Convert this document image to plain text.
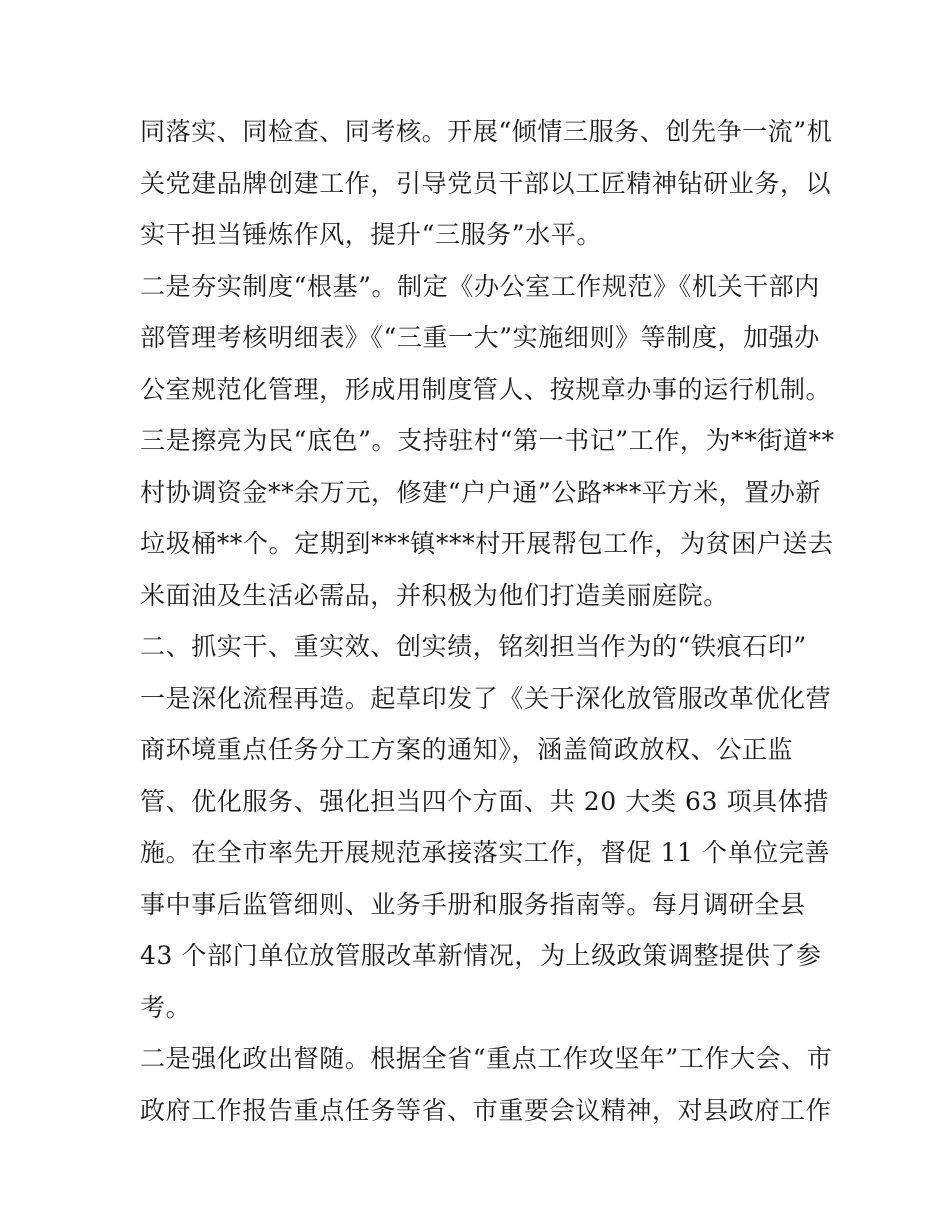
同落实、同检查、同考核。开展“倾情三服务、创先争一流”机
关党建品牌创建工作，引导党员干部以工匠精神钻研业务，以
实干担当锤炼作风，提升“三服务”水平。
二是夯实制度“根基”。制定《办公室工作规范》《机关干部内
部管理考核明细表》《“三重一大”实施细则》等制度，加强办
公室规范化管理，形成用制度管人、按规章办事的运行机制。
三是擦亮为民“底色”。支持驻村“第一书记”工作，为**街道**
村协调资金**余万元，修建“户户通”公路***平方米，置办新
垃圾桶**个。定期到***镇***村开展帮包工作，为贫困户送去
米面油及生活必需品，并积极为他们打造美丽庭院。
二、抓实干、重实效、创实绩，铭刻担当作为的“铁痕石印”
一是深化流程再造。起草印发了《关于深化放管服改革优化营
商环境重点任务分工方案的通知》，涵盖简政放权、公正监
管、优化服务、强化担当四个方面、共 20 大类 63 项具体措
施。在全市率先开展规范承接落实工作，督促 11 个单位完善
事中事后监管细则、业务手册和服务指南等。每月调研全县
43 个部门单位放管服改革新情况，为上级政策调整提供了参
考。
二是强化政出督随。根据全省“重点工作攻坚年”工作大会、市
政府工作报告重点任务等省、市重要会议精神，对县政府工作
